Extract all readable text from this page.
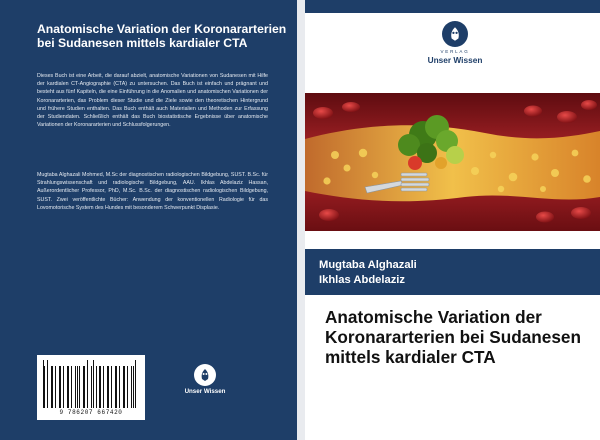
Anatomische Variation der Koronararterien bei Sudanesen mittels kardialer CTA

Dieses Buch ist eine Arbeit, die darauf abzielt, anatomische Variationen von Sudanesen mit Hilfe der kardialen CT-Angiographie (CTA) zu untersuchen. Das Buch ist einfach und prägnant und besteht aus fünf Kapiteln, die eine Einführung in die Anomalien und anatomischen Variationen der Koronararterien, das Problem dieser Studie und die Ziele sowie den theoretischen Hintergrund und frühere Studien enthalten. Das Buch enthält auch Materialien und Methoden zur Erfassung der Studiendaten. Schließlich enthält das Buch biostatistische Ergebnisse über anatomische Variationen der Koronararterien und Schlussfolgerungen.

Mugtaba Alghazali Mohmed, M.Sc der diagnostischen radiologischen Bildgebung, SUST. B.Sc. für Strahlungswissenschaft und radiologische Bildgebung, AAU. Ikhlas Abdelaziz Hassan, Außerordentlicher Professor, PhD, M.Sc. B.Sc. der diagnostischen radiologischen Bildgebung, SUST. Zwei veröffentlichte Bücher: Anwendung der konventionellen Radiologie für das Lovomotorische System des Hundes mit besonderem Schwerpunkt Displasie.

9 786207 667420
Unser Wissen
VERLAG
Unser Wissen
Mugtaba Alghazali
Ikhlas Abdelaziz
Anatomische Variation der Koronararterien bei Sudanesen mittels kardialer CTA
